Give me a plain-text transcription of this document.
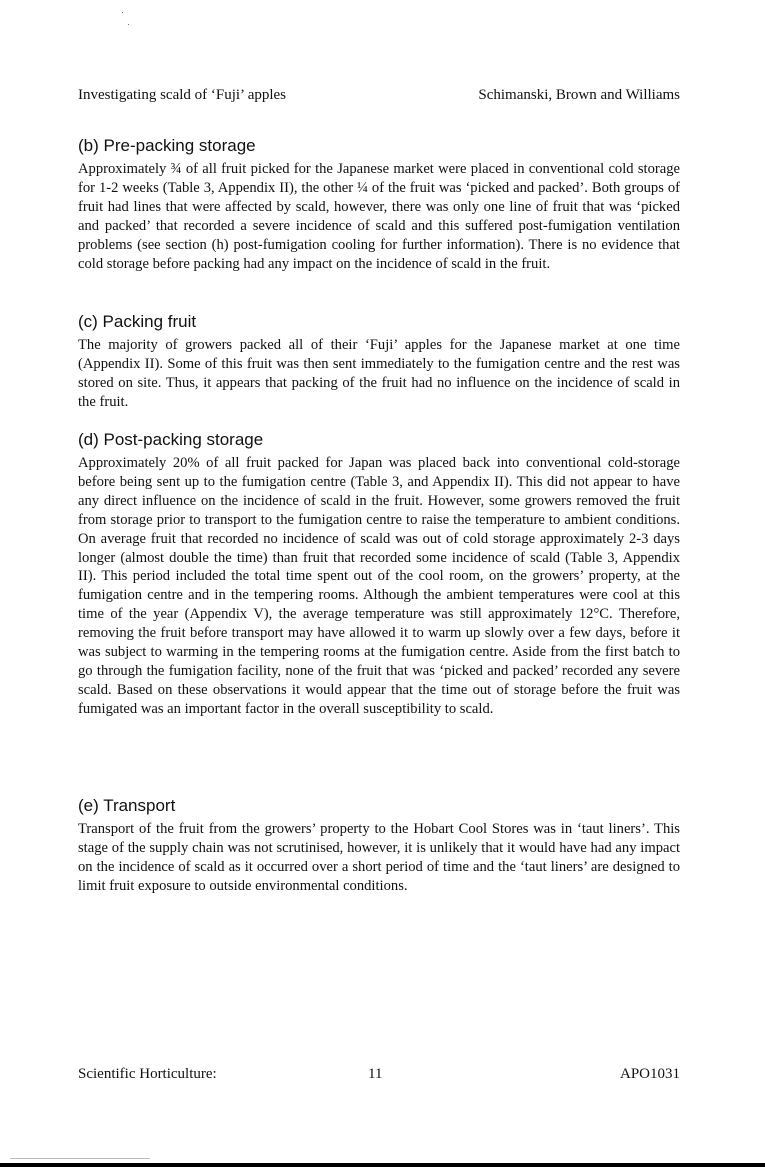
Investigating scald of ‘Fuji’ apples	Schimanski, Brown and Williams
(b) Pre-packing storage

Approximately ¾ of all fruit picked for the Japanese market were placed in conventional cold storage for 1-2 weeks (Table 3, Appendix II), the other ¼ of the fruit was ‘picked and packed’. Both groups of fruit had lines that were affected by scald, however, there was only one line of fruit that was ‘picked and packed’ that recorded a severe incidence of scald and this suffered post-fumigation ventilation problems (see section (h) post-fumigation cooling for further information). There is no evidence that cold storage before packing had any impact on the incidence of scald in the fruit.

(c) Packing fruit

The majority of growers packed all of their ‘Fuji’ apples for the Japanese market at one time (Appendix II). Some of this fruit was then sent immediately to the fumigation centre and the rest was stored on site. Thus, it appears that packing of the fruit had no influence on the incidence of scald in the fruit.

(d) Post-packing storage

Approximately 20% of all fruit packed for Japan was placed back into conventional cold-storage before being sent up to the fumigation centre (Table 3, and Appendix II). This did not appear to have any direct influence on the incidence of scald in the fruit. However, some growers removed the fruit from storage prior to transport to the fumigation centre to raise the temperature to ambient conditions. On average fruit that recorded no incidence of scald was out of cold storage approximately 2-3 days longer (almost double the time) than fruit that recorded some incidence of scald (Table 3, Appendix II). This period included the total time spent out of the cool room, on the growers’ property, at the fumigation centre and in the tempering rooms. Although the ambient temperatures were cool at this time of the year (Appendix V), the average temperature was still approximately 12°C. Therefore, removing the fruit before transport may have allowed it to warm up slowly over a few days, before it was subject to warming in the tempering rooms at the fumigation centre. Aside from the first batch to go through the fumigation facility, none of the fruit that was ‘picked and packed’ recorded any severe scald. Based on these observations it would appear that the time out of storage before the fruit was fumigated was an important factor in the overall susceptibility to scald.

(e) Transport

Transport of the fruit from the growers’ property to the Hobart Cool Stores was in ‘taut liners’. This stage of the supply chain was not scrutinised, however, it is unlikely that it would have had any impact on the incidence of scald as it occurred over a short period of time and the ‘taut liners’ are designed to limit fruit exposure to outside environmental conditions.

Scientific Horticulture:	11	APO1031
